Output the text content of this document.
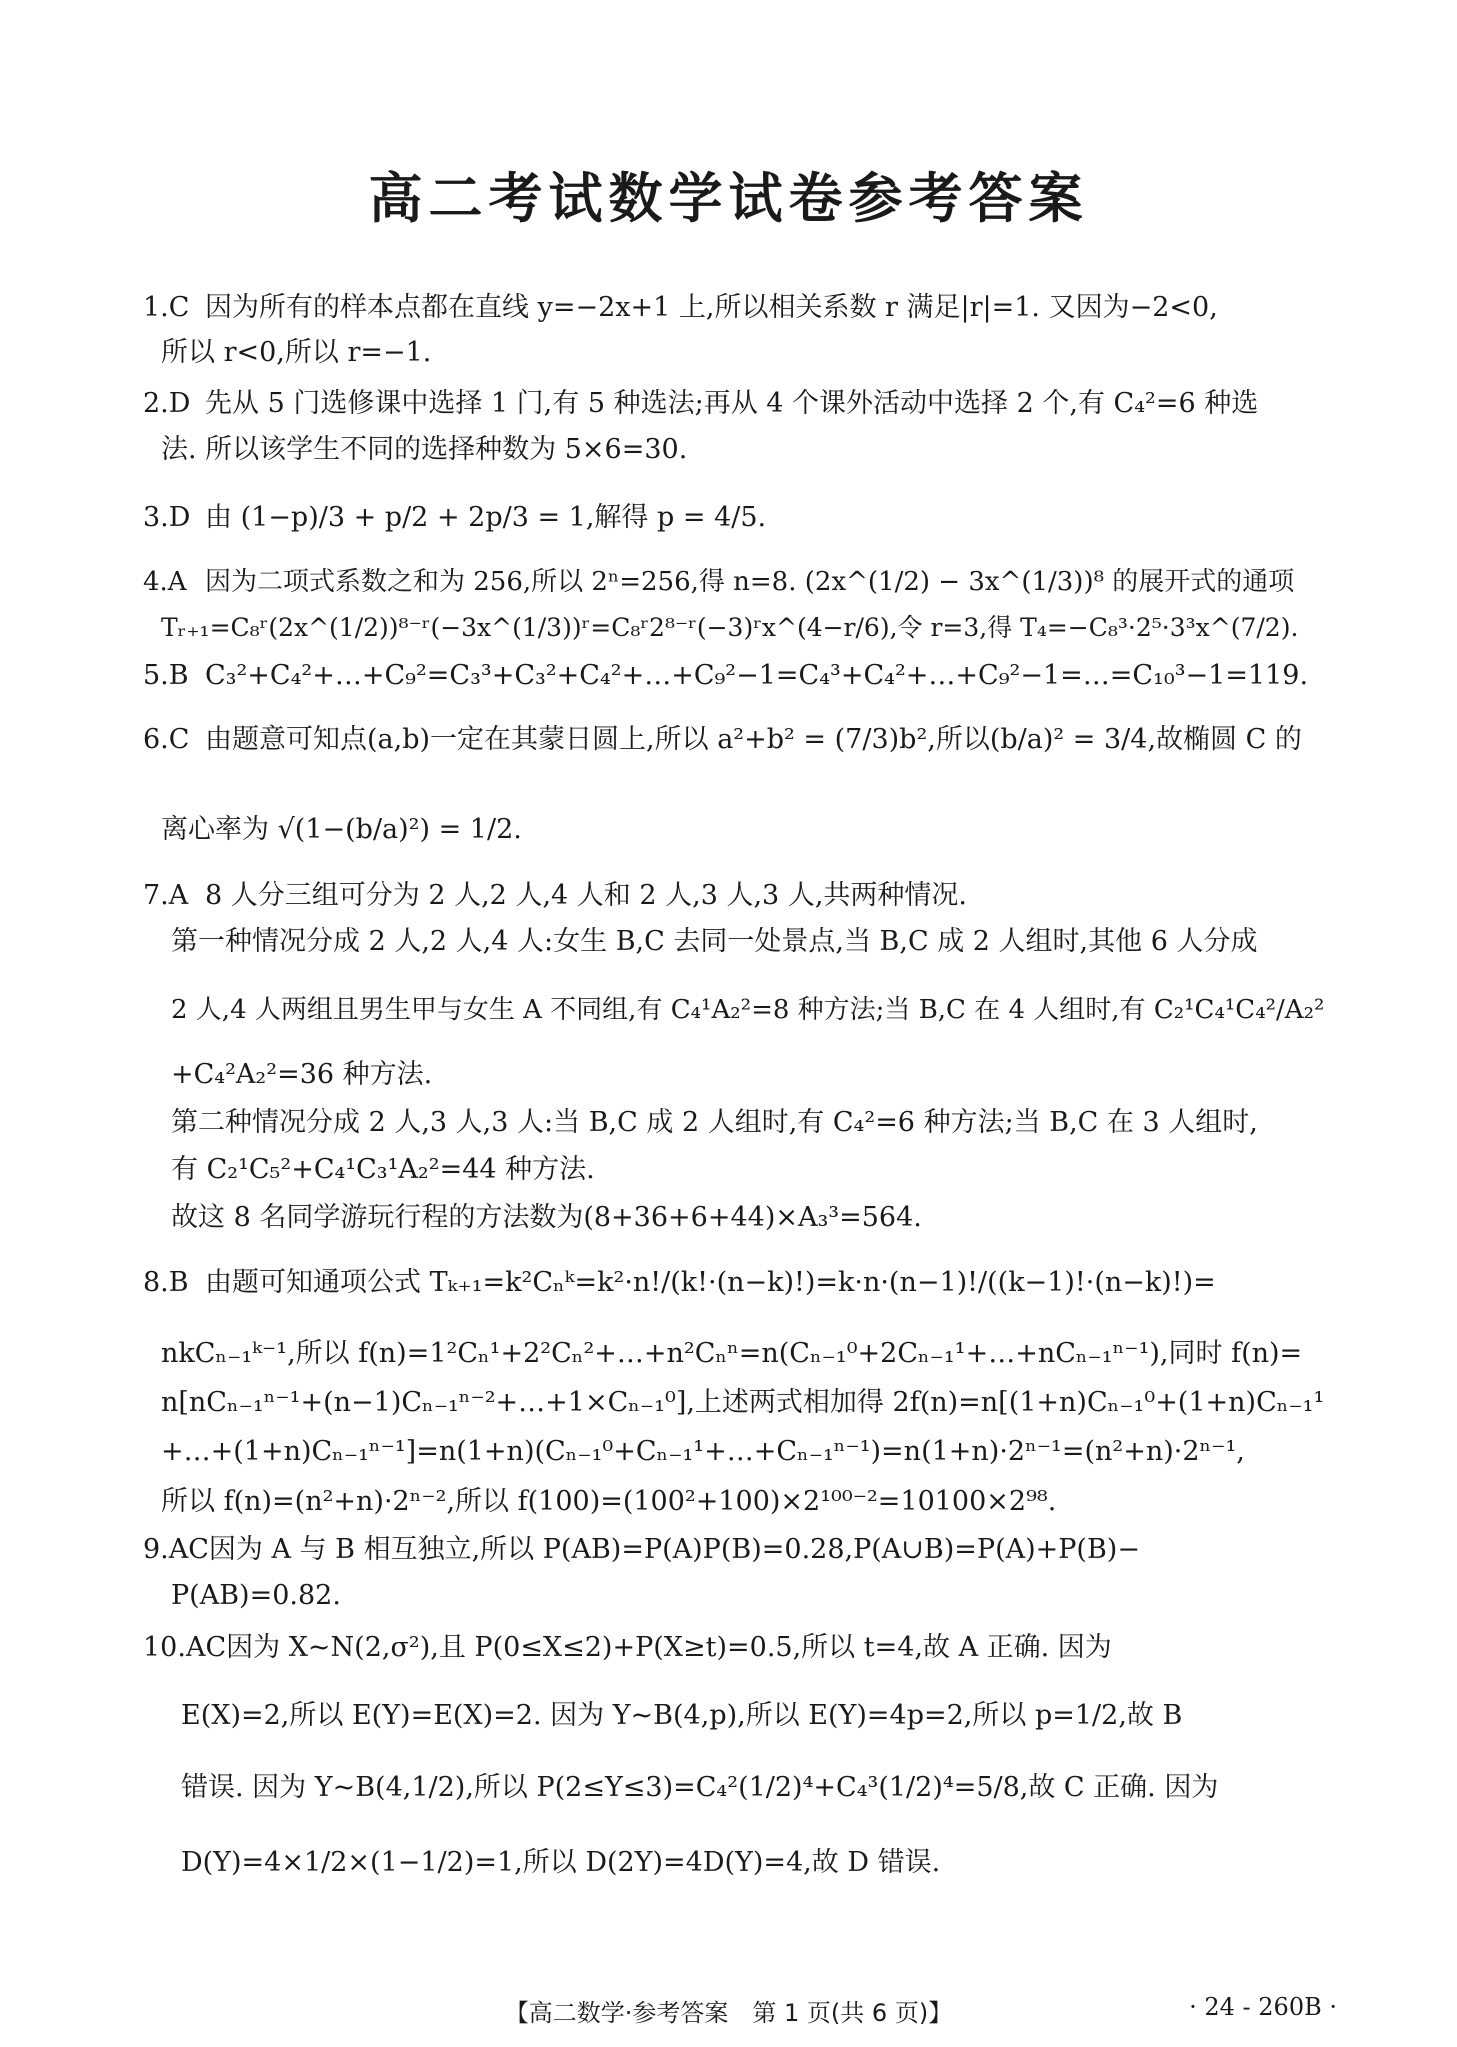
高二考试数学试卷参考答案
1.C 因为所有的样本点都在直线 y=−2x+1 上,所以相关系数 r 满足|r|=1. 又因为−2<0,
所以 r<0,所以 r=−1.
2.D 先从 5 门选修课中选择 1 门,有 5 种选法;再从 4 个课外活动中选择 2 个,有 C₄²=6 种选
法. 所以该学生不同的选择种数为 5×6=30.
3.D 由 (1−p)/3 + p/2 + 2p/3 = 1,解得 p = 4/5.
4.A 因为二项式系数之和为 256,所以 2ⁿ=256,得 n=8. (2x^(1/2) − 3x^(1/3))⁸ 的展开式的通项
Tᵣ₊₁=C₈ʳ(2x^(1/2))⁸⁻ʳ(−3x^(1/3))ʳ=C₈ʳ2⁸⁻ʳ(−3)ʳx^(4−r/6),令 r=3,得 T₄=−C₈³·2⁵·3³x^(7/2).
5.B C₃²+C₄²+…+C₉²=C₃³+C₃²+C₄²+…+C₉²−1=C₄³+C₄²+…+C₉²−1=…=C₁₀³−1=119.
6.C 由题意可知点(a,b)一定在其蒙日圆上,所以 a²+b² = (7/3)b²,所以(b/a)² = 3/4,故椭圆 C 的
离心率为 √(1−(b/a)²) = 1/2.
7.A 8 人分三组可分为 2 人,2 人,4 人和 2 人,3 人,3 人,共两种情况.
第一种情况分成 2 人,2 人,4 人:女生 B,C 去同一处景点,当 B,C 成 2 人组时,其他 6 人分成
2 人,4 人两组且男生甲与女生 A 不同组,有 C₄¹A₂²=8 种方法;当 B,C 在 4 人组时,有 C₂¹C₄¹C₄²/A₂²
+C₄²A₂²=36 种方法.
第二种情况分成 2 人,3 人,3 人:当 B,C 成 2 人组时,有 C₄²=6 种方法;当 B,C 在 3 人组时,
有 C₂¹C₅²+C₄¹C₃¹A₂²=44 种方法.
故这 8 名同学游玩行程的方法数为(8+36+6+44)×A₃³=564.
8.B 由题可知通项公式 Tₖ₊₁=k²Cₙᵏ=k²·n!/(k!·(n−k)!)=k·n·(n−1)!/((k−1)!·(n−k)!)=
nkCₙ₋₁ᵏ⁻¹,所以 f(n)=1²Cₙ¹+2²Cₙ²+…+n²Cₙⁿ=n(Cₙ₋₁⁰+2Cₙ₋₁¹+…+nCₙ₋₁ⁿ⁻¹),同时 f(n)=
n[nCₙ₋₁ⁿ⁻¹+(n−1)Cₙ₋₁ⁿ⁻²+…+1×Cₙ₋₁⁰],上述两式相加得 2f(n)=n[(1+n)Cₙ₋₁⁰+(1+n)Cₙ₋₁¹
+…+(1+n)Cₙ₋₁ⁿ⁻¹]=n(1+n)(Cₙ₋₁⁰+Cₙ₋₁¹+…+Cₙ₋₁ⁿ⁻¹)=n(1+n)·2ⁿ⁻¹=(n²+n)·2ⁿ⁻¹,
所以 f(n)=(n²+n)·2ⁿ⁻²,所以 f(100)=(100²+100)×2¹⁰⁰⁻²=10100×2⁹⁸.
9.AC因为 A 与 B 相互独立,所以 P(AB)=P(A)P(B)=0.28,P(A∪B)=P(A)+P(B)−
P(AB)=0.82.
10.AC因为 X~N(2,σ²),且 P(0≤X≤2)+P(X≥t)=0.5,所以 t=4,故 A 正确. 因为
E(X)=2,所以 E(Y)=E(X)=2. 因为 Y~B(4,p),所以 E(Y)=4p=2,所以 p=1/2,故 B
错误. 因为 Y~B(4,1/2),所以 P(2≤Y≤3)=C₄²(1/2)⁴+C₄³(1/2)⁴=5/8,故 C 正确. 因为
D(Y)=4×1/2×(1−1/2)=1,所以 D(2Y)=4D(Y)=4,故 D 错误.
【高二数学·参考答案　第 1 页(共 6 页)】	· 24 - 260B ·
